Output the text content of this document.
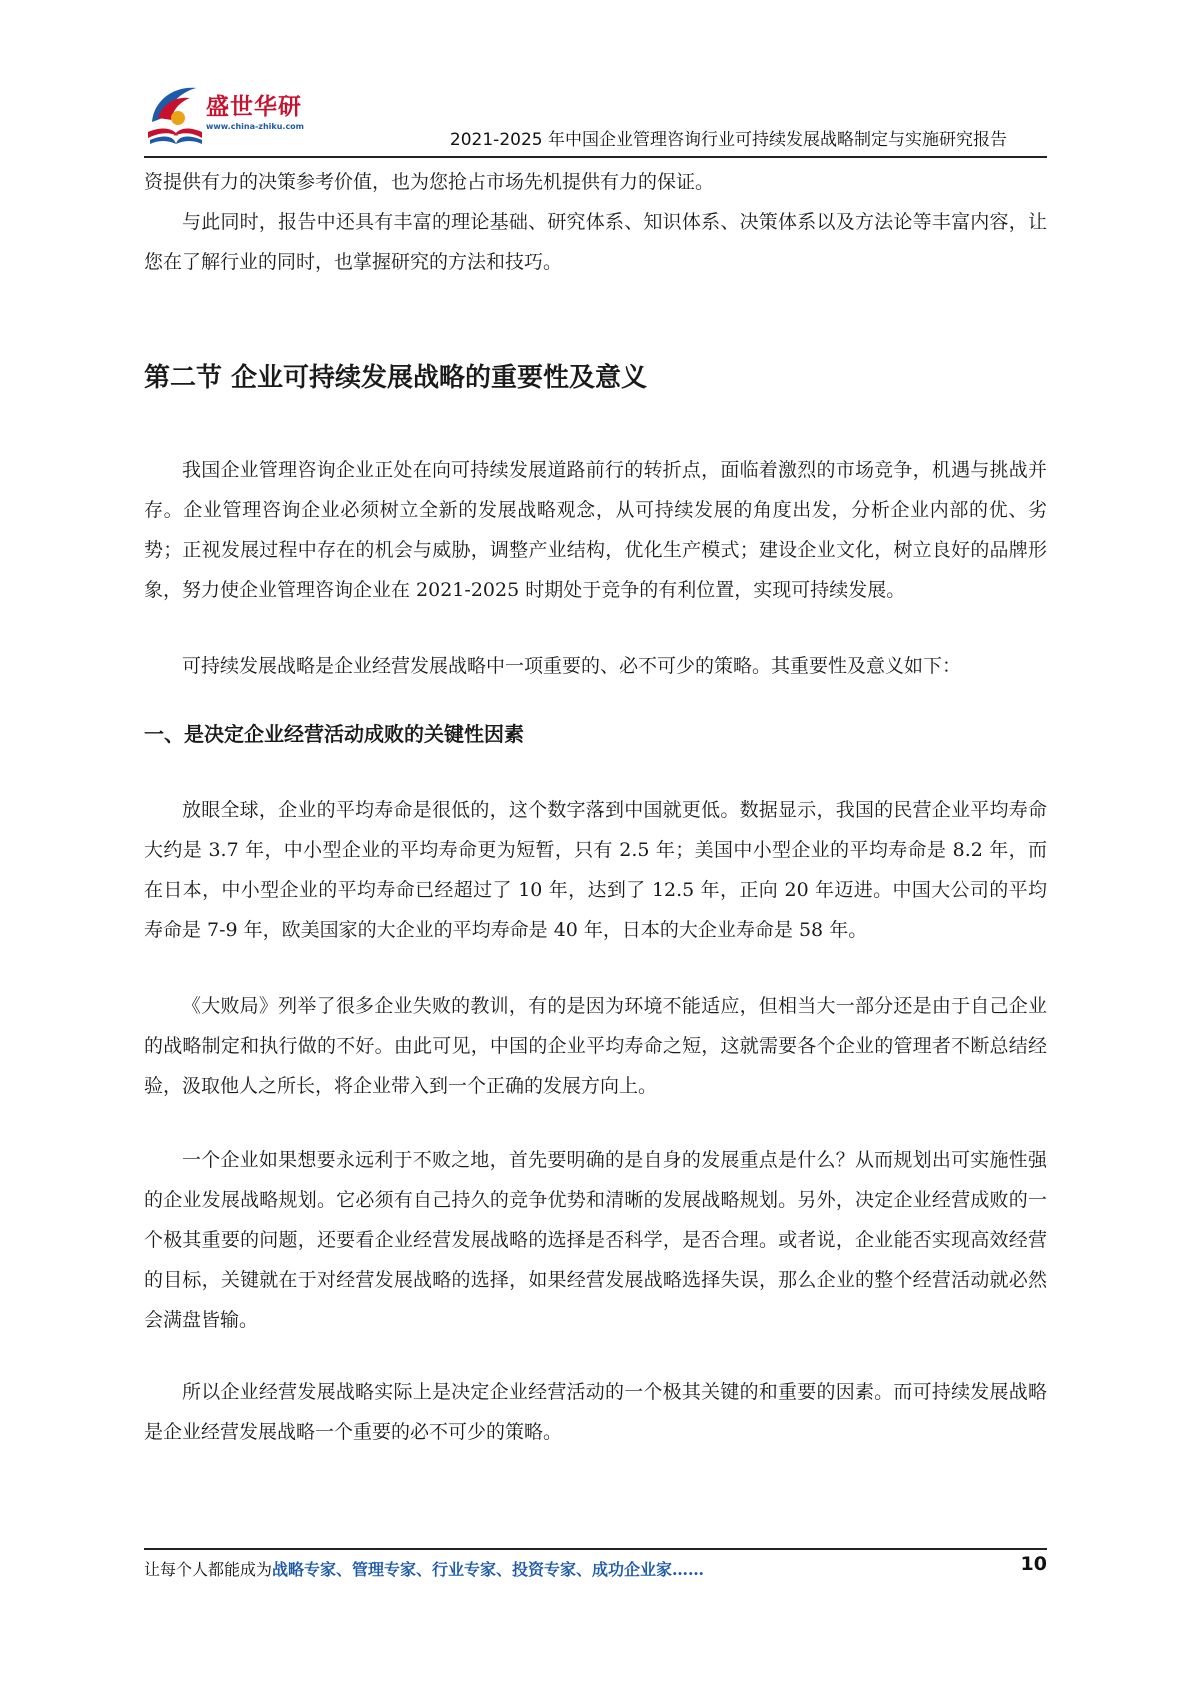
盛世华研
www.china-zhiku.com
2021-2025 年中国企业管理咨询行业可持续发展战略制定与实施研究报告

资提供有力的决策参考价值，也为您抢占市场先机提供有力的保证。

与此同时，报告中还具有丰富的理论基础、研究体系、知识体系、决策体系以及方法论等丰富内容，让您在了解行业的同时，也掌握研究的方法和技巧。

第二节 企业可持续发展战略的重要性及意义

我国企业管理咨询企业正处在向可持续发展道路前行的转折点，面临着激烈的市场竞争，机遇与挑战并存。企业管理咨询企业必须树立全新的发展战略观念，从可持续发展的角度出发，分析企业内部的优、劣势；正视发展过程中存在的机会与威胁，调整产业结构，优化生产模式；建设企业文化，树立良好的品牌形象，努力使企业管理咨询企业在 2021-2025 时期处于竞争的有利位置，实现可持续发展。

可持续发展战略是企业经营发展战略中一项重要的、必不可少的策略。其重要性及意义如下：

一、是决定企业经营活动成败的关键性因素

放眼全球，企业的平均寿命是很低的，这个数字落到中国就更低。数据显示，我国的民营企业平均寿命大约是 3.7 年，中小型企业的平均寿命更为短暂，只有 2.5 年；美国中小型企业的平均寿命是 8.2 年，而在日本，中小型企业的平均寿命已经超过了 10 年，达到了 12.5 年，正向 20 年迈进。中国大公司的平均寿命是 7-9 年，欧美国家的大企业的平均寿命是 40 年，日本的大企业寿命是 58 年。

《大败局》列举了很多企业失败的教训，有的是因为环境不能适应，但相当大一部分还是由于自己企业的战略制定和执行做的不好。由此可见，中国的企业平均寿命之短，这就需要各个企业的管理者不断总结经验，汲取他人之所长，将企业带入到一个正确的发展方向上。

一个企业如果想要永远利于不败之地，首先要明确的是自身的发展重点是什么？从而规划出可实施性强的企业发展战略规划。它必须有自己持久的竞争优势和清晰的发展战略规划。另外，决定企业经营成败的一个极其重要的问题，还要看企业经营发展战略的选择是否科学，是否合理。或者说，企业能否实现高效经营的目标，关键就在于对经营发展战略的选择，如果经营发展战略选择失误，那么企业的整个经营活动就必然会满盘皆输。

所以企业经营发展战略实际上是决定企业经营活动的一个极其关键的和重要的因素。而可持续发展战略是企业经营发展战略一个重要的必不可少的策略。

让每个人都能成为战略专家、管理专家、行业专家、投资专家、成功企业家……	10
